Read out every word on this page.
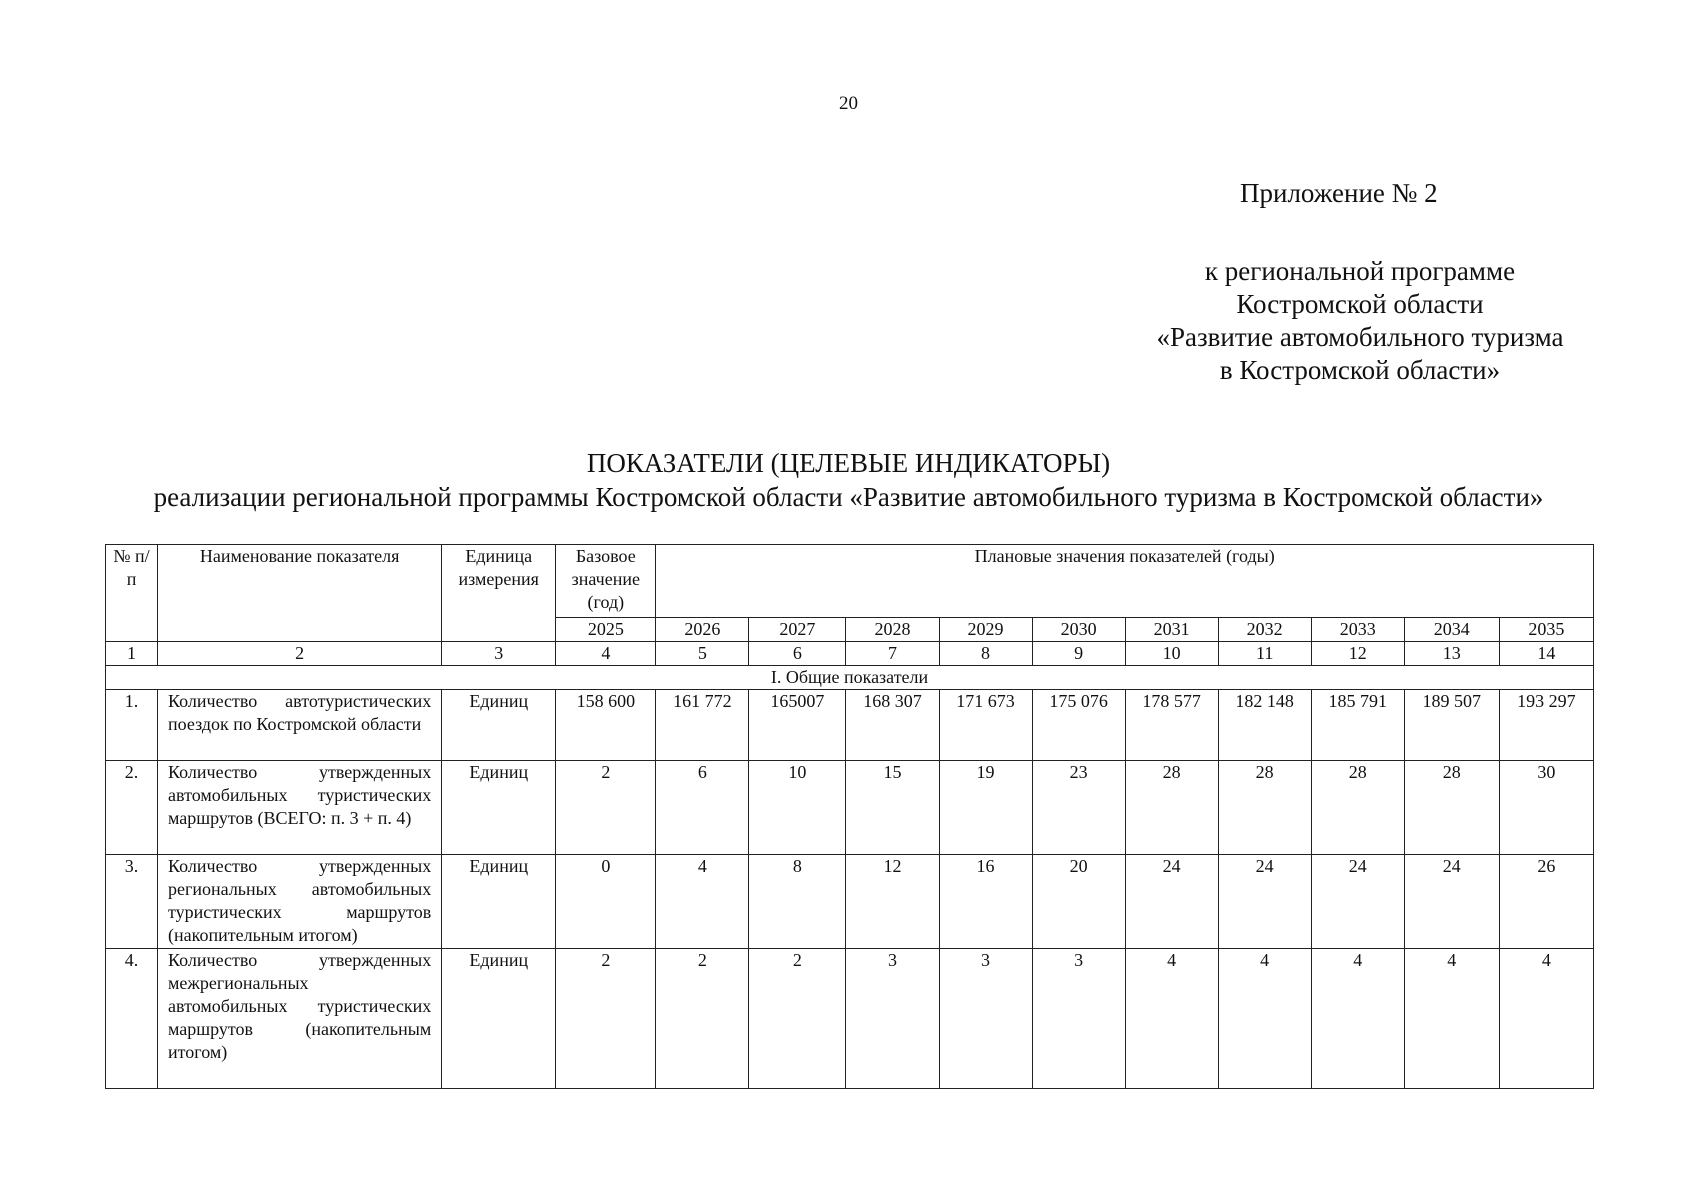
20
Приложение № 2
к региональной программе
Костромской области
«Развитие автомобильного туризма
в Костромской области»
ПОКАЗАТЕЛИ (ЦЕЛЕВЫЕ ИНДИКАТОРЫ)
реализации региональной программы Костромской области «Развитие автомобильного туризма в Костромской области»
№ п/п	Наименование показателя	Единица измерения	Базовое значение (год)	Плановые значения показателей (годы)									
			2025	2026	2027	2028	2029	2030	2031	2032	2033	2034	2035
1	2	3	4	5	6	7	8	9	10	11	12	13	14
I. Общие показатели													
1.	Количество автотуристических поездок по Костромской области	Единиц	158 600	161 772	165007	168 307	171 673	175 076	178 577	182 148	185 791	189 507	193 297
2.	Количество утвержденных автомобильных туристических маршрутов (ВСЕГО: п. 3 + п. 4)	Единиц	2	6	10	15	19	23	28	28	28	28	30
3.	Количество утвержденных региональных автомобильных туристических маршрутов (накопительным итогом)	Единиц	0	4	8	12	16	20	24	24	24	24	26
4.	Количество утвержденных межрегиональных автомобильных туристических маршрутов (накопительным итогом)	Единиц	2	2	2	3	3	3	4	4	4	4	4
